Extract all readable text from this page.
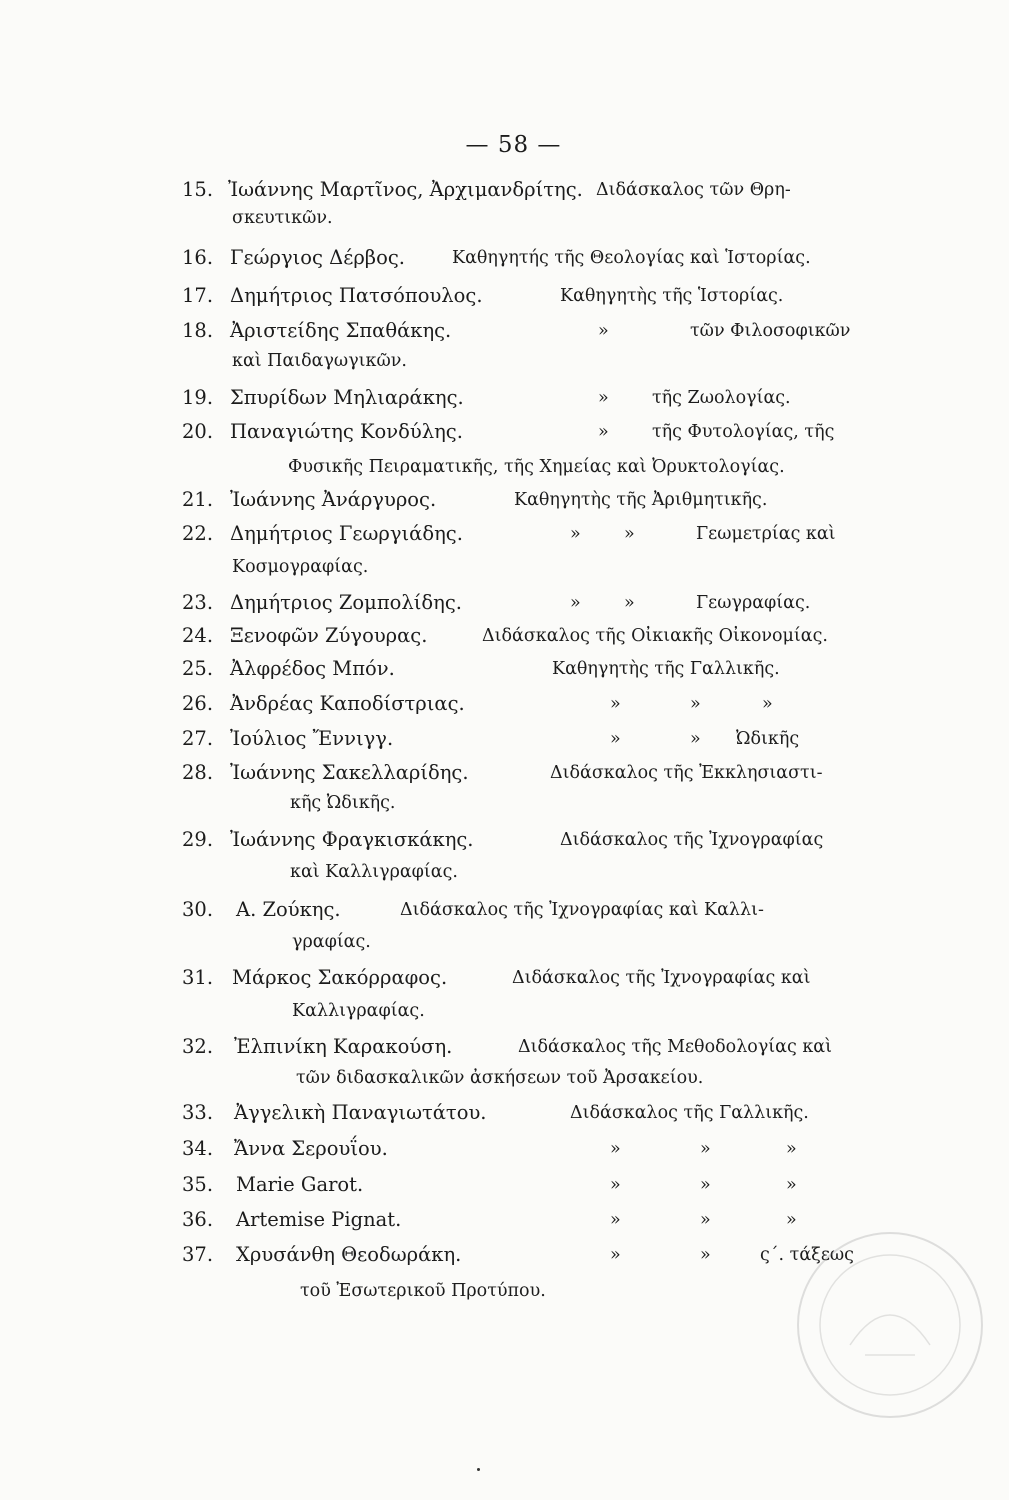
— 58 —
15. Ἰωάννης Μαρτῖνος, Ἀρχιμανδρίτης. Διδάσκαλος τῶν Θρη-
σκευτικῶν.
16. Γεώργιος Δέρβος.	Καθηγητής τῆς Θεολογίας καὶ Ἱστορίας.
17. Δημήτριος Πατσόπουλος.	Καθηγητὴς τῆς Ἱστορίας.
18. Ἀριστείδης Σπαθάκης.	»	τῶν Φιλοσοφικῶν
καὶ Παιδαγωγικῶν.
19. Σπυρίδων Μηλιαράκης.	» τῆς Ζωολογίας.
20. Παναγιώτης Κονδύλης.	» τῆς Φυτολογίας, τῆς
Φυσικῆς Πειραματικῆς, τῆς Χημείας καὶ Ὀρυκτολογίας.
21. Ἰωάννης Ἀνάργυρος.	Καθηγητὴς τῆς Ἀριθμητικῆς.
22. Δημήτριος Γεωργιάδης.	» »	Γεωμετρίας καὶ
Κοσμογραφίας.
23. Δημήτριος Ζομπολίδης.	» »	Γεωγραφίας.
24. Ξενοφῶν Ζύγουρας.	Διδάσκαλος τῆς Οἰκιακῆς Οἰκονομίας.
25. Ἀλφρέδος Μπόν.	Καθηγητὴς τῆς Γαλλικῆς.
26. Ἀνδρέας Καποδίστριας.	»	»	»
27. Ἰούλιος Ἔννιγγ.	»	» Ὠδικῆς
28. Ἰωάννης Σακελλαρίδης.	Διδάσκαλος τῆς Ἐκκλησιαστι-
κῆς Ὠδικῆς.
29. Ἰωάννης Φραγκισκάκης.	Διδάσκαλος τῆς Ἰχνογραφίας
καὶ Καλλιγραφίας.
30. Α. Ζούκης.	Διδάσκαλος τῆς Ἰχνογραφίας καὶ Καλλι-
γραφίας.
31. Μάρκος Σακόρραφος.	Διδάσκαλος τῆς Ἰχνογραφίας καὶ
Καλλιγραφίας.
32. Ἐλπινίκη Καρακούση.	Διδάσκαλος τῆς Μεθοδολογίας καὶ
τῶν διδασκαλικῶν ἀσκήσεων τοῦ Ἀρσακείου.
33. Ἀγγελικὴ Παναγιωτάτου.	Διδάσκαλος τῆς Γαλλικῆς.
34. Ἄννα Σερουΐου.	»	»	»
35. Marie Garot.	»	»	»
36. Artemise Pignat.	»	»	»
37. Χρυσάνθη Θεοδωράκη.	»	»	ς΄. τάξεως
τοῦ Ἐσωτερικοῦ Προτύπου.
